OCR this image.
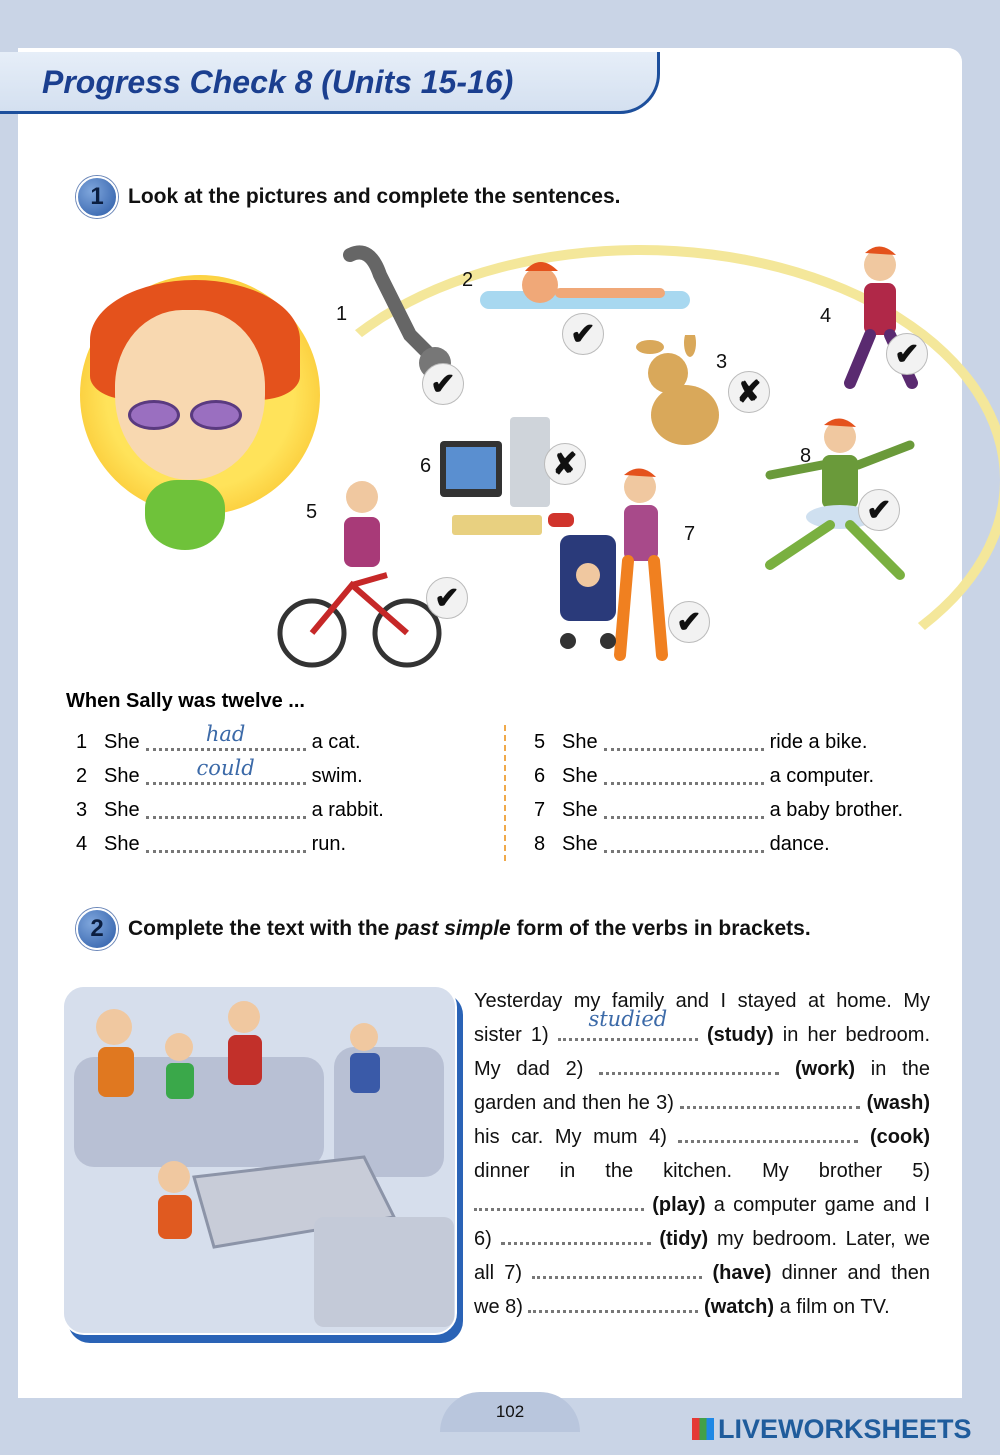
Progress Check 8 (Units 15-16)
1	Look at the pictures and complete the sentences.
1
✔
2
✔
3
✘
4
✔
5
✔
6	✘
7
✔
8
✔
When Sally was twelve ...
1 She	had	a cat.
2 She	could	swim.
3 She	a rabbit.
4 She	run.
5 She	ride a bike.
6 She	a computer.
7 She	a baby brother.
8 She	dance.
2	Complete the text with the past simple form of the verbs in brackets.
Yesterday my family and I stayed at home. My sister 1)
studied
(study) in her bedroom. My dad 2)	(work) in the garden and then he 3)	(wash) his car. My mum 4)	(cook) dinner in the kitchen. My brother 5)  (play) a computer game and I 6)	(tidy) my bedroom. Later, we all 7)	(have) dinner and then we 8)	(watch) a film on TV.
102
LIVEWORKSHEETS
